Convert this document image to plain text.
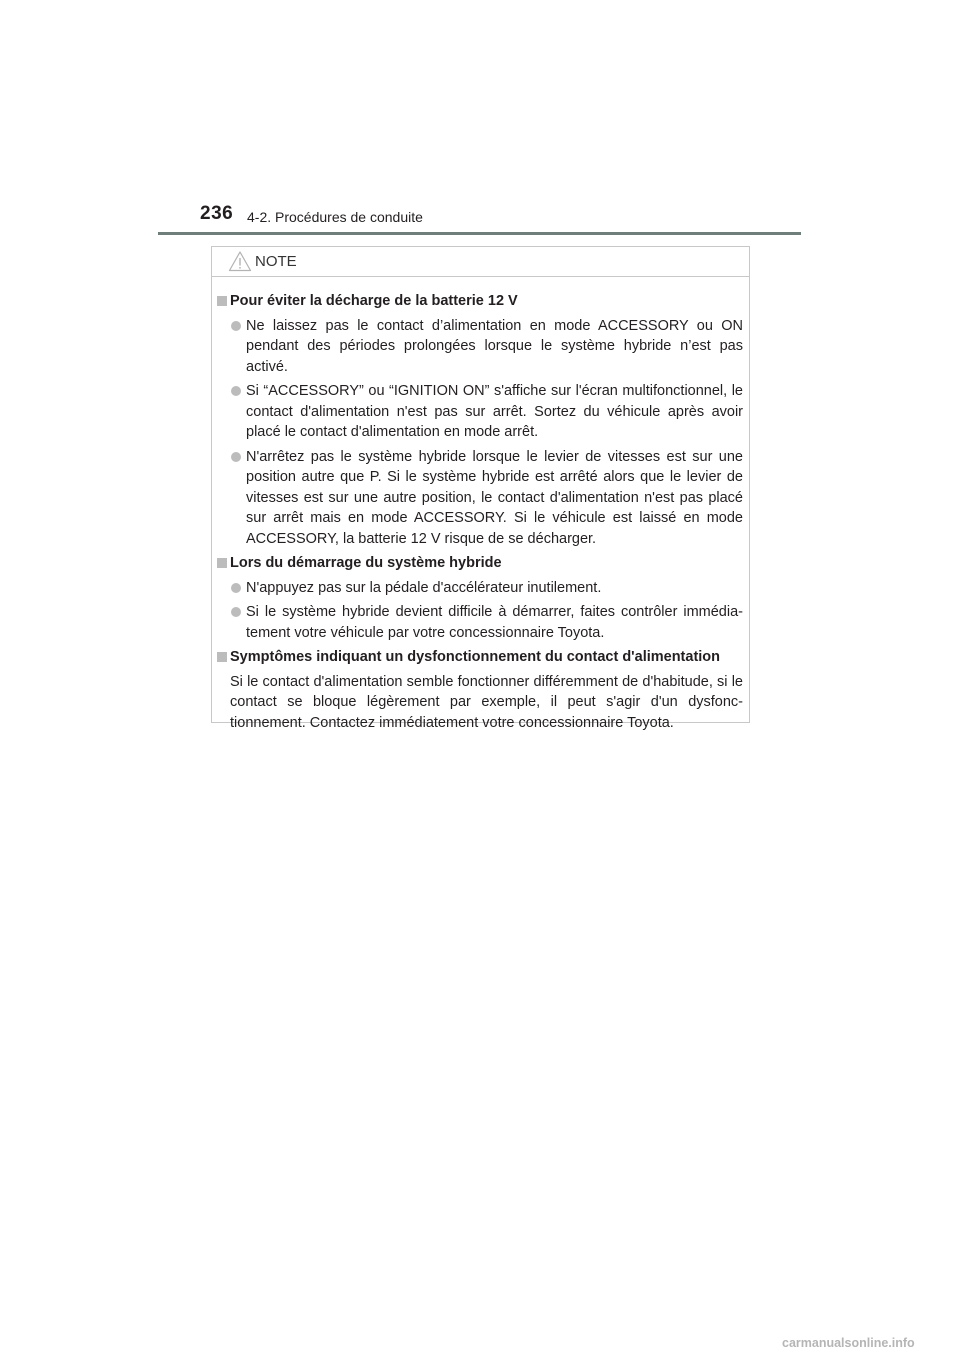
236 4-2. Procédures de conduite
NOTE
Pour éviter la décharge de la batterie 12 V
Ne laissez pas le contact d’alimentation en mode ACCESSORY ou ON pendant des périodes prolongées lorsque le système hybride n’est pas activé.
Si “ACCESSORY” ou “IGNITION ON” s'affiche sur l'écran multifonctionnel, le contact d'alimentation n'est pas sur arrêt. Sortez du véhicule après avoir placé le contact d'alimentation en mode arrêt.
N'arrêtez pas le système hybride lorsque le levier de vitesses est sur une position autre que P. Si le système hybride est arrêté alors que le levier de vitesses est sur une autre position, le contact d'alimentation n'est pas placé sur arrêt mais en mode ACCESSORY. Si le véhicule est laissé en mode ACCESSORY, la batterie 12 V risque de se décharger.
Lors du démarrage du système hybride
N'appuyez pas sur la pédale d'accélérateur inutilement.
Si le système hybride devient difficile à démarrer, faites contrôler immédia-tement votre véhicule par votre concessionnaire Toyota.
Symptômes indiquant un dysfonctionnement du contact d'alimentation
Si le contact d'alimentation semble fonctionner différemment de d'habitude, si le contact se bloque légèrement par exemple, il peut s'agir d'un dysfonc-tionnement. Contactez immédiatement votre concessionnaire Toyota.
carmanualsonline.info
